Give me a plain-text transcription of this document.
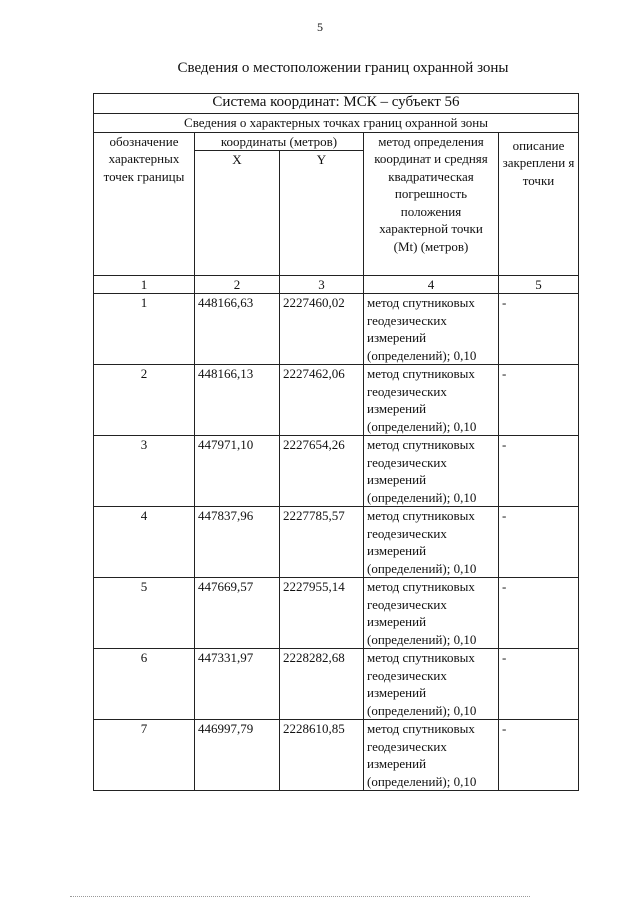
5
Сведения о местоположении границ охранной зоны
Система координат: МСК – субъект 56				
Сведения о характерных точках границ охранной зоны				
обозначение характерных точек границы	координаты (метров)		метод определения координат и средняя квадратическая погрешность положения характерной точки (Mt) (метров)	описание закреплени я точки
	X	Y		
1	2	3	4	5
1	448166,63	2227460,02	метод спутниковых геодезических измерений (определений); 0,10	-
2	448166,13	2227462,06	метод спутниковых геодезических измерений (определений); 0,10	-
3	447971,10	2227654,26	метод спутниковых геодезических измерений (определений); 0,10	-
4	447837,96	2227785,57	метод спутниковых геодезических измерений (определений); 0,10	-
5	447669,57	2227955,14	метод спутниковых геодезических измерений (определений); 0,10	-
6	447331,97	2228282,68	метод спутниковых геодезических измерений (определений); 0,10	-
7	446997,79	2228610,85	метод спутниковых геодезических измерений (определений); 0,10	-
